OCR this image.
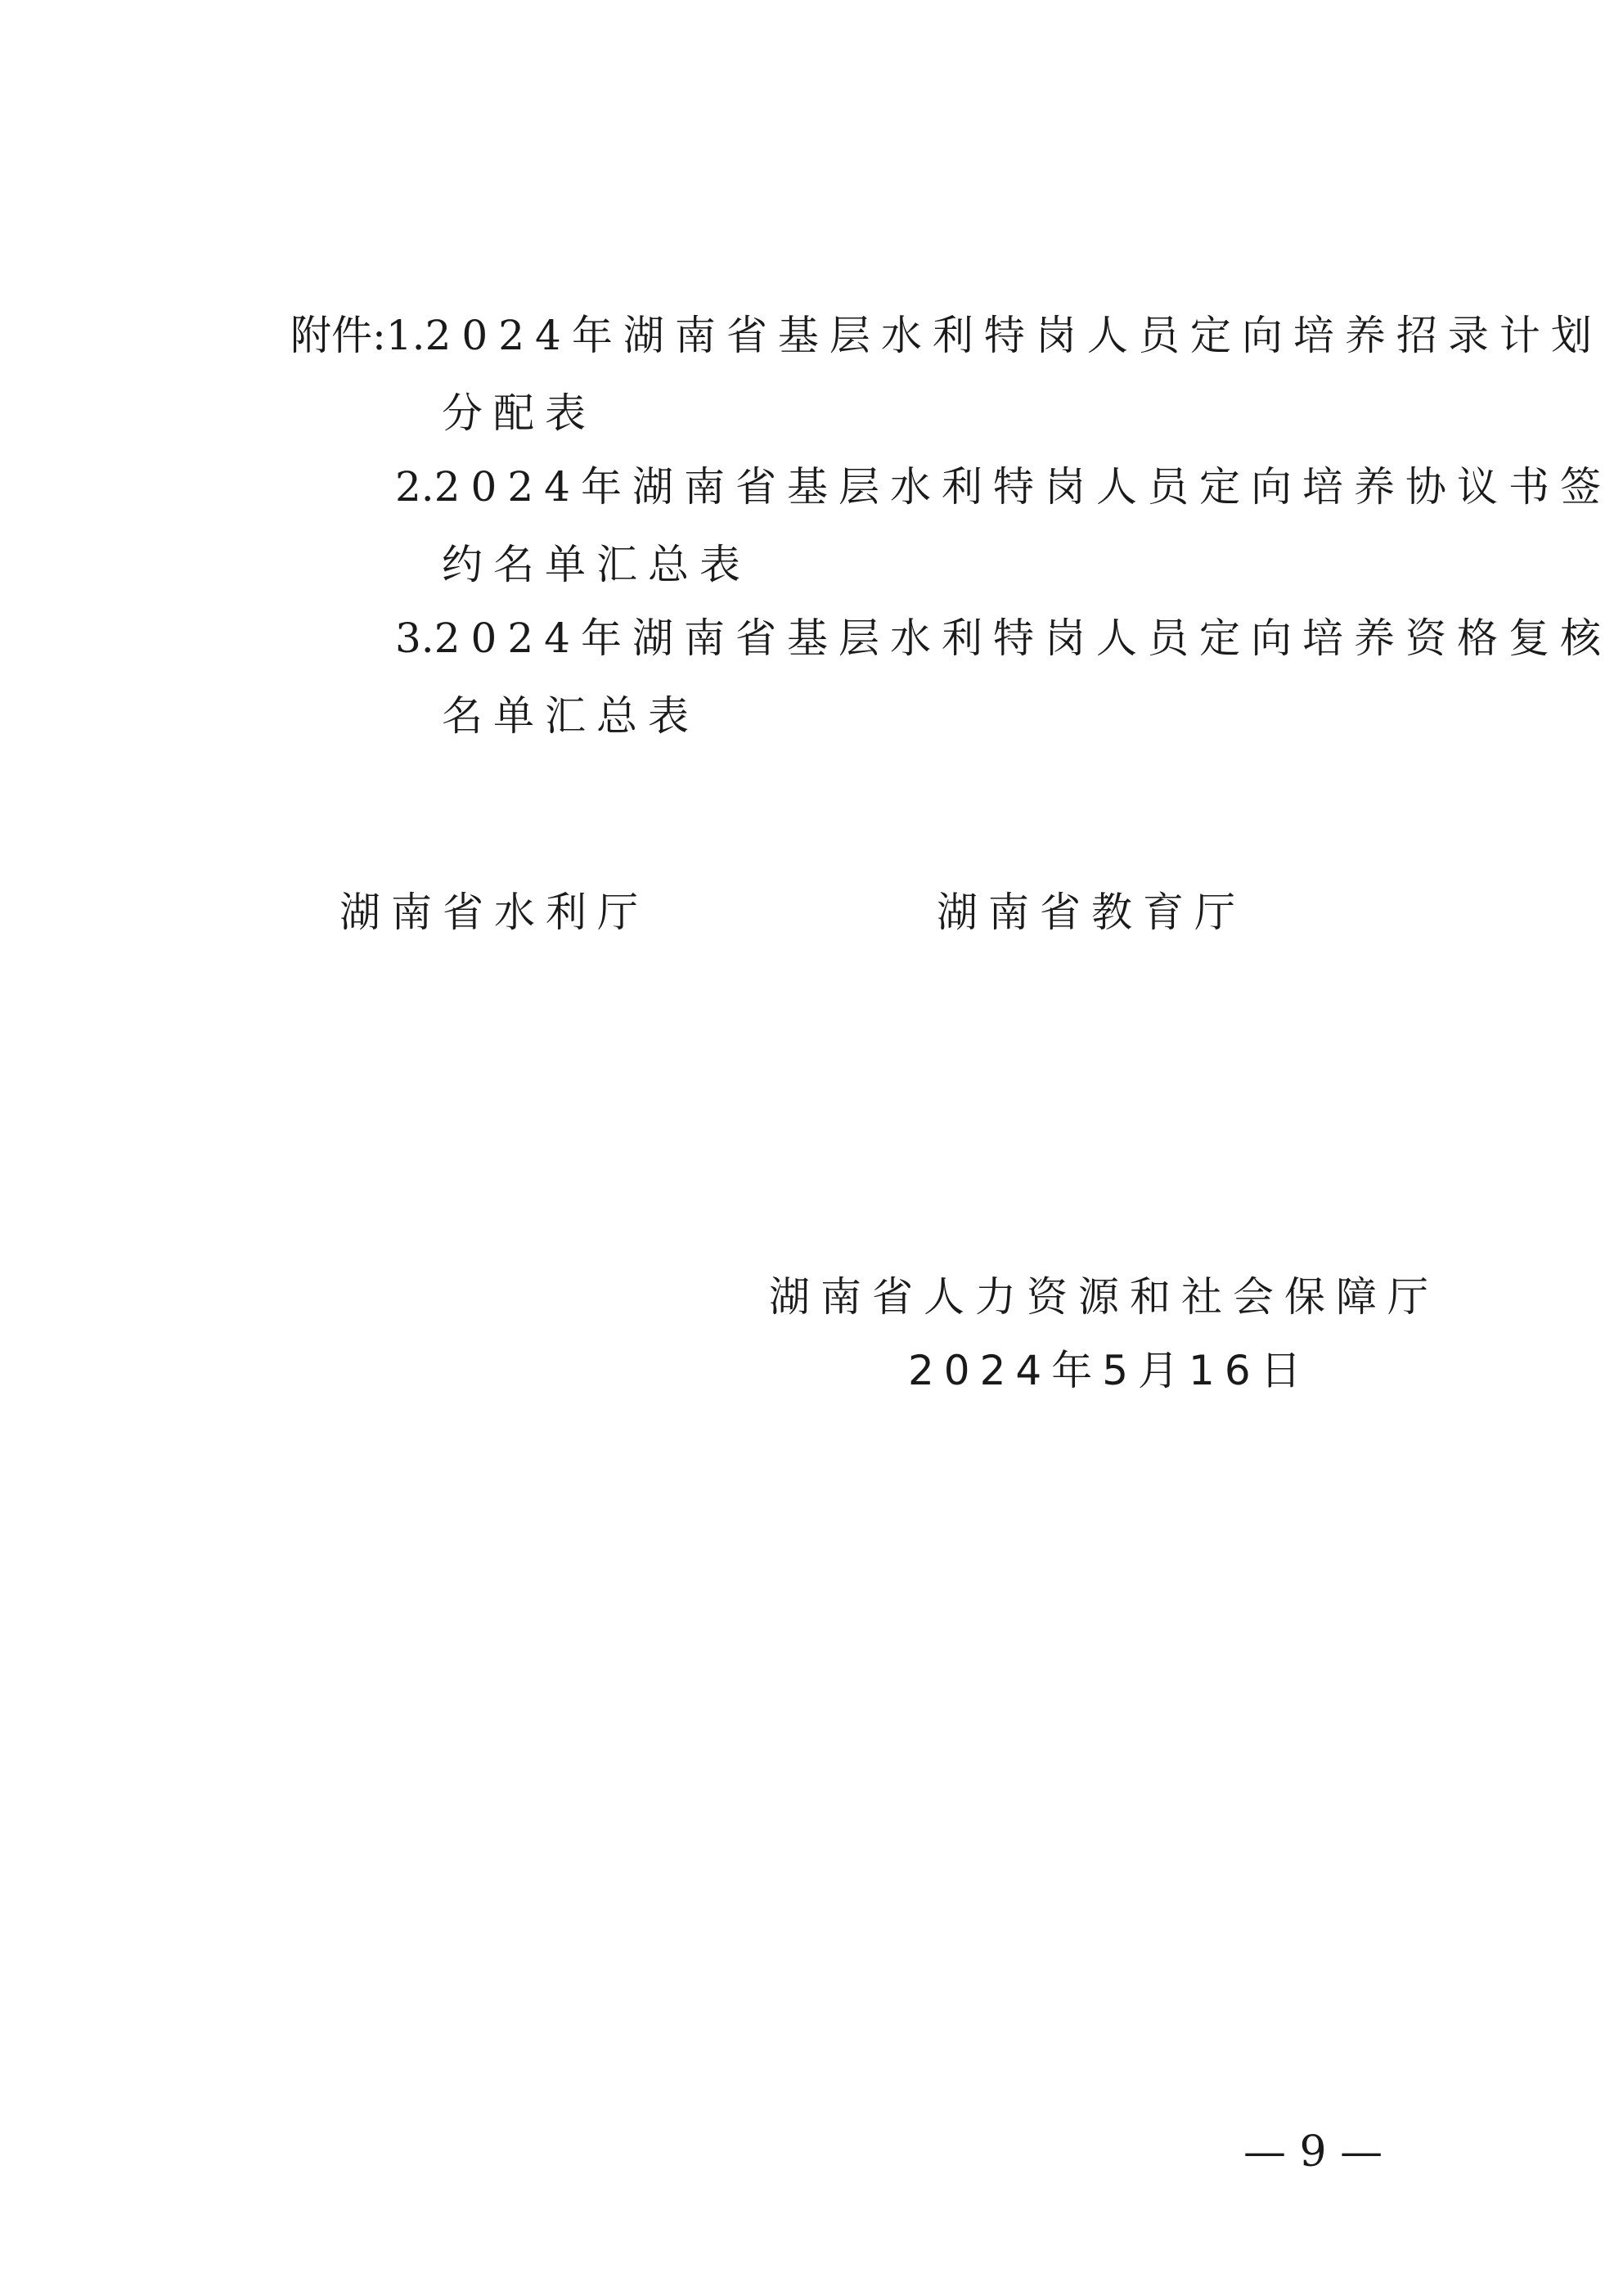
附件:1.2024年湖南省基层水利特岗人员定向培养招录计划
分配表
2.2024年湖南省基层水利特岗人员定向培养协议书签
约名单汇总表
3.2024年湖南省基层水利特岗人员定向培养资格复核
名单汇总表
湖南省水利厅	湖南省教育厅
湖南省人力资源和社会保障厅
2024年5月16日
— 9 —
